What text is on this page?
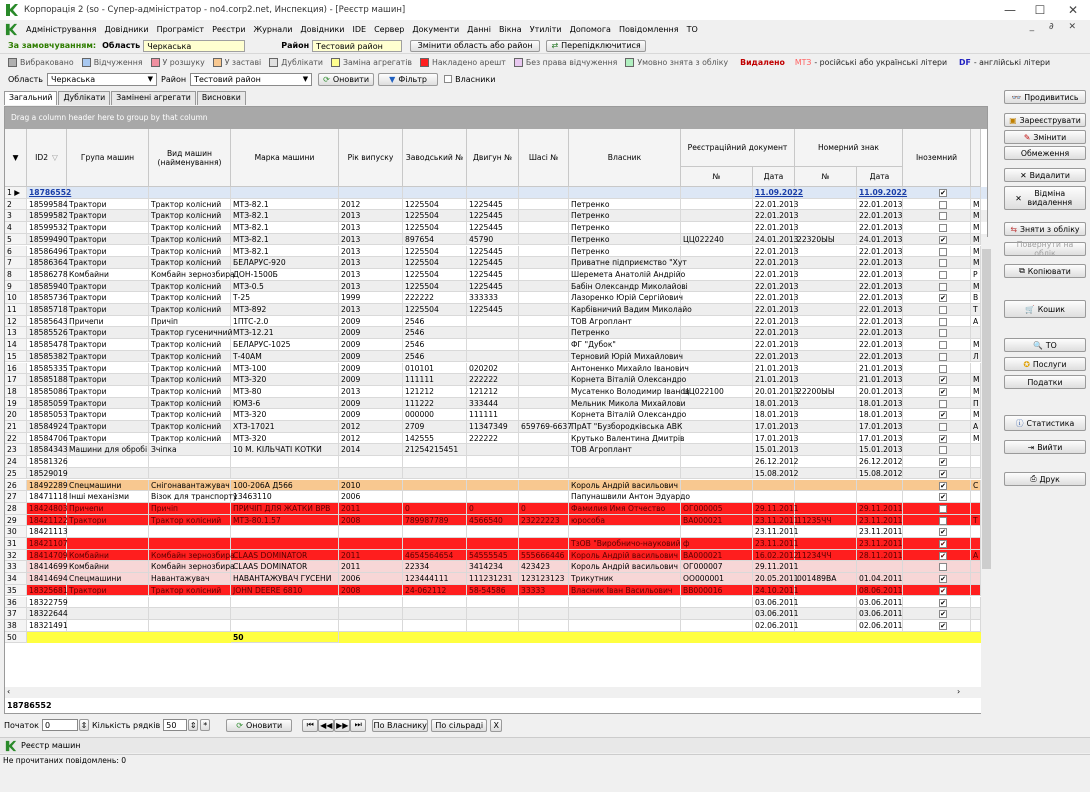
Корпорація 2 (so - Супер-адміністратор - no4.corp2.net, Инспекция) - [Реєстр машин]	—	☐	✕
Адміністрування Довідники Програміст Реєстри Журнали Довідники IDE Сервер Документи Данні Вікна Утиліти Допомога Повідомлення ТО	_ ∂ ✕
За замовчуванням: Область Черкаська	Район Тестовий район	Змінити область або район	⇄ Перепідключитися
Вибраковано	Відчуження	У розшуку	У заставі	Дублікати	Заміна агрегатів	Накладено арешт	Без права відчуження	Умовно знята з обліку Видалено МТЗ - російські або українські літери DF - англійські літери
Область Черкаська	▼ Район Тестовий район	▼ ⟳ Оновити	▼ Фільтр	Власники
Загальний	Дублікати	Замінені агрегати	Висновки
Drag a column header here to group by that column
▼ ID2 ▽	Група машин	Вид машин (найменування)	Марка машини	Рік випуску	Заводський №	Двигун №	Шасі №	Власник
Реєстраційний документ
№	Дата
Номерний знак
№	Дата
Іноземний
1 ▶	18786552	11.09.2022	11.09.2022	✔
2	18599584 Трактори	Трактор колісний	МТЗ-82.1	2012	1225504	1225445	Петренко	22.01.2013	22.01.2013	М
3	18599582 Трактори	Трактор колісний	МТЗ-82.1	2013	1225504	1225445	Петренко	22.01.2013	22.01.2013	М
4	18599532 Трактори	Трактор колісний	МТЗ-82.1	2013	1225504	1225445	Петренко	22.01.2013	22.01.2013	М
5	18599490 Трактори	Трактор колісний	МТЗ-82.1	2013	897654	45790	Петренко	ЦЦ022240	24.01.2013
22320ЫЫ	24.01.2013	✔	М
6	18586496 Трактори	Трактор колісний	МТЗ-82.1	2013	1225504	1225445	Петренко	22.01.2013	22.01.2013	М
7	18586364 Трактори	Трактор колісний	БЕЛАРУС-920	2013	1225504	1225445	Приватне підприємство "Хут	22.01.2013	22.01.2013	М
8	18586278 Комбайни	Комбайн зернозбира
ДОН-1500Б	2013	1225504	1225445	Шеремета Анатолій Андрійо	22.01.2013	22.01.2013	Р
9	18585940 Трактори	Трактор колісний	МТЗ-0.5	2013	1225504	1225445	Бабін Олександр Миколайові	22.01.2013	22.01.2013	М
10	18585736 Трактори	Трактор колісний	Т-25	1999	222222	333333	Лазоренко Юрій Сергійович	22.01.2013	22.01.2013	✔	В
11	18585718 Трактори	Трактор колісний	МТЗ-892	2013	1225504	1225445	Карбівничий Вадим Миколайо	22.01.2013	22.01.2013	Т
12	18585643 Причепи	Причіп	1ПТС-2.0	2009	2546	ТОВ Агроплант	22.01.2013	22.01.2013	А
13	18585526 Трактори	Трактор гусеничний МТЗ-12.21	2009	2546	Петренко	22.01.2013	22.01.2013
14	18585478 Трактори	Трактор колісний	БЕЛАРУС-1025	2009	2546	ФГ "Дубок"	22.01.2013	22.01.2013	М
15	18585382 Трактори	Трактор колісний	Т-40АМ	2009	2546	Терновий Юрій Михайлович	22.01.2013	22.01.2013	Л
16	18585335 Трактори	Трактор колісний	МТЗ-100	2009	010101	020202	Антоненко Михайло Іванович	21.01.2013	21.01.2013
17	18585188 Трактори	Трактор колісний	МТЗ-320	2009	111111	222222	Корнета Віталій Олександро	21.01.2013	21.01.2013	✔	М
18	18585086 Трактори	Трактор колісний	МТЗ-80	2013	121212	121212	Мусатенко Володимир Іванов
ЦЦ022100	20.01.2013
22200ЫЫ	20.01.2013	✔	М
19	18585059 Трактори	Трактор колісний	ЮМЗ-6	2009	111222	333444	Мельник Микола Михайлови	18.01.2013	18.01.2013	П
20	18585053 Трактори	Трактор колісний	МТЗ-320	2009	000000	111111	Корнета Віталій Олександро	18.01.2013	18.01.2013	✔	М
21	18584924 Трактори	Трактор колісний	ХТЗ-17021	2012	2709	11347349	659769-6637
ПрАТ "Бузбородківська АВК	17.01.2013	17.01.2013	А
22	18584706 Трактори	Трактор колісний	МТЗ-320	2012	142555	222222	Крутько Валентина Дмитрів	17.01.2013	17.01.2013	✔	М
23	18584343 Машини для обробі Зчіпка	10 М. КІЛЬЧАТІ КОТКИ	2014	21254215451	ТОВ Агроплант	15.01.2013	15.01.2013
24	18581326	26.12.2012	26.12.2012	✔
25	18529019	15.08.2012	15.08.2012	✔
26	18492289 Спецмашини	Снігонавантажувач 100-206А Д566	2010	Король Андрій васильович	✔	С
27	18471118 Інші механізми	Візок для транспорту
13463110	2006	Папунашвили Антон Эдуардо	✔
28	18424803 Причепи	Причіп	ПРИЧІП ДЛЯ ЖАТКИ ВРВ	2011	0	0	0	Фамилия Имя Отчество	ОГ000005	29.11.2011	29.11.2011
29	18421122 Трактори	Трактор колісний	МТЗ-80.1.57	2008	789987789	4566540	23222223	юрособа	ВА000021	23.11.2011
11235ЧЧ	23.11.2011	Т
30	18421113	23.11.2011	23.11.2011	✔
31	18421107	ТзОВ "Виробничо-науковий ф	23.11.2011	23.11.2011	✔
32	18414709 Комбайни	Комбайн зернозбира
CLAAS DOMINATOR	2011	4654564654	54555545	555666446 Король Андрій васильович ВА000021	16.02.2012
11234ЧЧ	28.11.2011	✔	А
33	18414699 Комбайни	Комбайн зернозбира
CLAAS DOMINATOR	2011	22334	3414234	423423	Король Андрій васильович ОГ000007	29.11.2011
34	18414694 Спецмашини	Навантажувач	НАВАНТАЖУВАЧ ГУСЕНИ	2006	123444111	111231231	123123123 Трикутник	ОО000001	20.05.2011
001489ВА	01.04.2011	✔
35	18325681 Трактори	Трактор колісний	JOHN DEERE 6810	2008	24-062112	58-54586	33333	Власник Іван Васильович	ВВ000016	24.10.2011	08.06.2011	✔
36	18322759	03.06.2011	03.06.2011	✔
37	18322644	03.06.2011	03.06.2011	✔
38	18321491	02.06.2011	02.06.2011	✔
50	50
‹	›
18786552
👓 Продивитись
▣ Зареєструвати
✎ Змінити
Обмеження
✕ Видалити
✕	Відміна видалення
⇆ Зняти з обліку
Повернути на облік
⧉ Копіювати
🛒 Кошик
🔍 ТО
✪ Послуги
Податки
ⓘ Статистика
⇥ Вийти
⎙ Друк
Початок 0	⇕ Кількість рядків 50	⇕ *	⟳ Оновити	⏮ ◀◀ ▶▶ ⏭	По Власнику	По сільраді	X
Реєстр машин
Не прочитаних повідомлень: 0
